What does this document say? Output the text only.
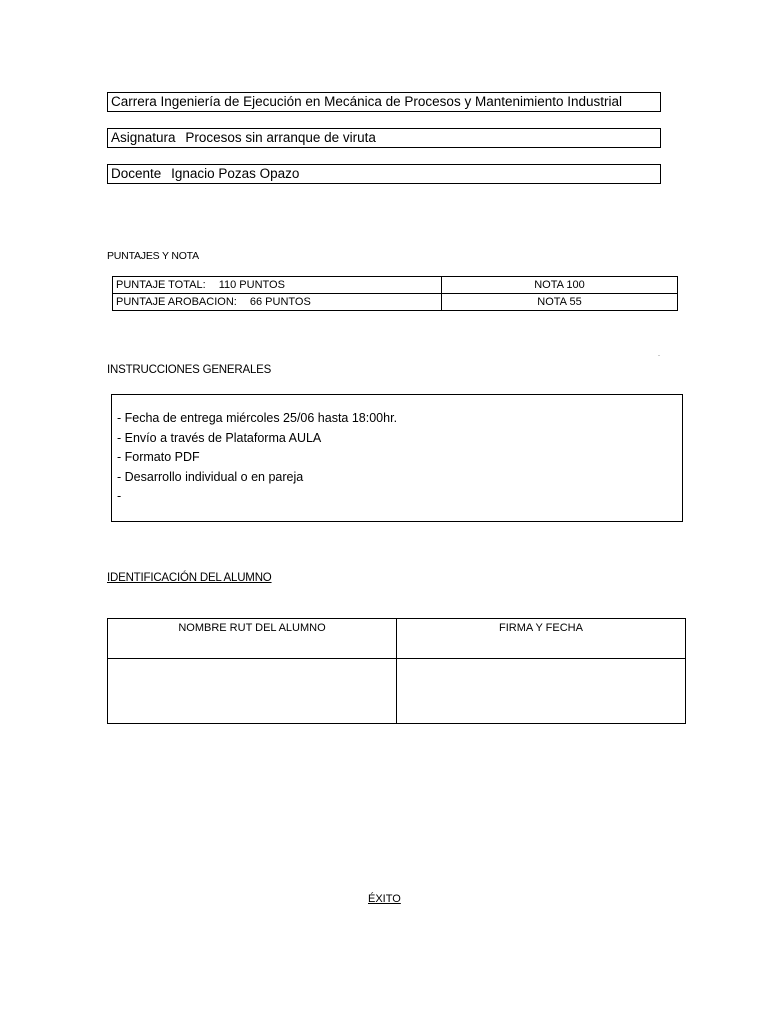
Carrera Ingeniería de Ejecución en Mecánica de Procesos y Mantenimiento Industrial
Asignatura Procesos sin arranque de viruta
Docente Ignacio Pozas Opazo
PUNTAJES Y NOTA
PUNTAJE TOTAL: 110 PUNTOS	NOTA 100
PUNTAJE AROBACION: 66 PUNTOS	NOTA 55
INSTRUCCIONES GENERALES
- Fecha de entrega miércoles 25/06 hasta 18:00hr.
- Envío a través de Plataforma AULA
- Formato PDF
- Desarrollo individual o en pareja
-
IDENTIFICACIÓN DEL ALUMNO
NOMBRE RUT DEL ALUMNO	FIRMA Y FECHA

ÉXITO
